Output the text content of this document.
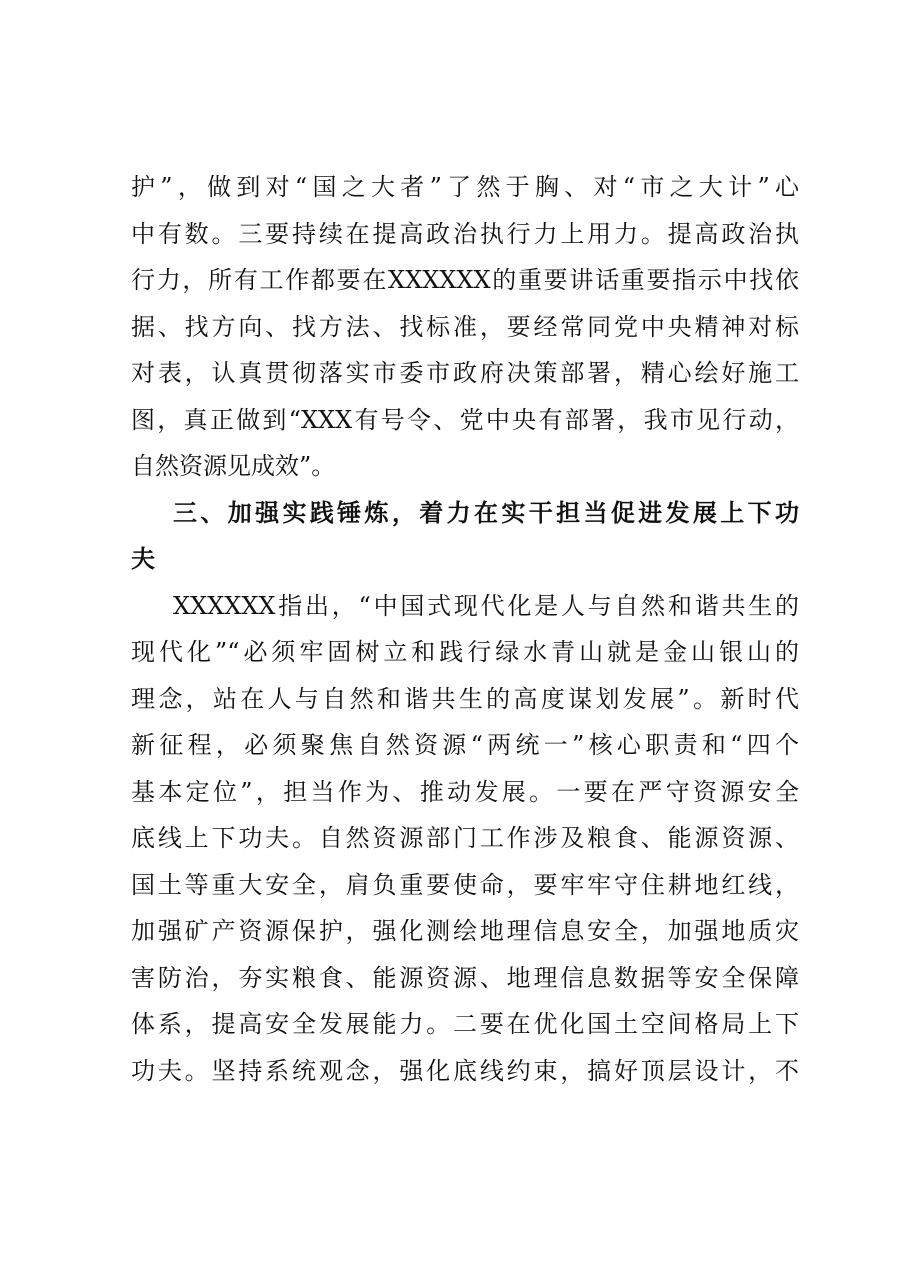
护”，做到对“国之大者”了然于胸、对“市之大计”心
中有数。三要持续在提高政治执行力上用力。提高政治执
行力，所有工作都要在XXXXXX的重要讲话重要指示中找依
据、找方向、找方法、找标准，要经常同党中央精神对标
对表，认真贯彻落实市委市政府决策部署，精心绘好施工
图，真正做到“XXX有号令、党中央有部署，我市见行动，
自然资源见成效”。
三、加强实践锤炼，着力在实干担当促进发展上下功
夫
XXXXXX指出，“中国式现代化是人与自然和谐共生的
现代化”“必须牢固树立和践行绿水青山就是金山银山的
理念，站在人与自然和谐共生的高度谋划发展”。新时代
新征程，必须聚焦自然资源“两统一”核心职责和“四个
基本定位”，担当作为、推动发展。一要在严守资源安全
底线上下功夫。自然资源部门工作涉及粮食、能源资源、
国土等重大安全，肩负重要使命，要牢牢守住耕地红线，
加强矿产资源保护，强化测绘地理信息安全，加强地质灾
害防治，夯实粮食、能源资源、地理信息数据等安全保障
体系，提高安全发展能力。二要在优化国土空间格局上下
功夫。坚持系统观念，强化底线约束，搞好顶层设计，不
